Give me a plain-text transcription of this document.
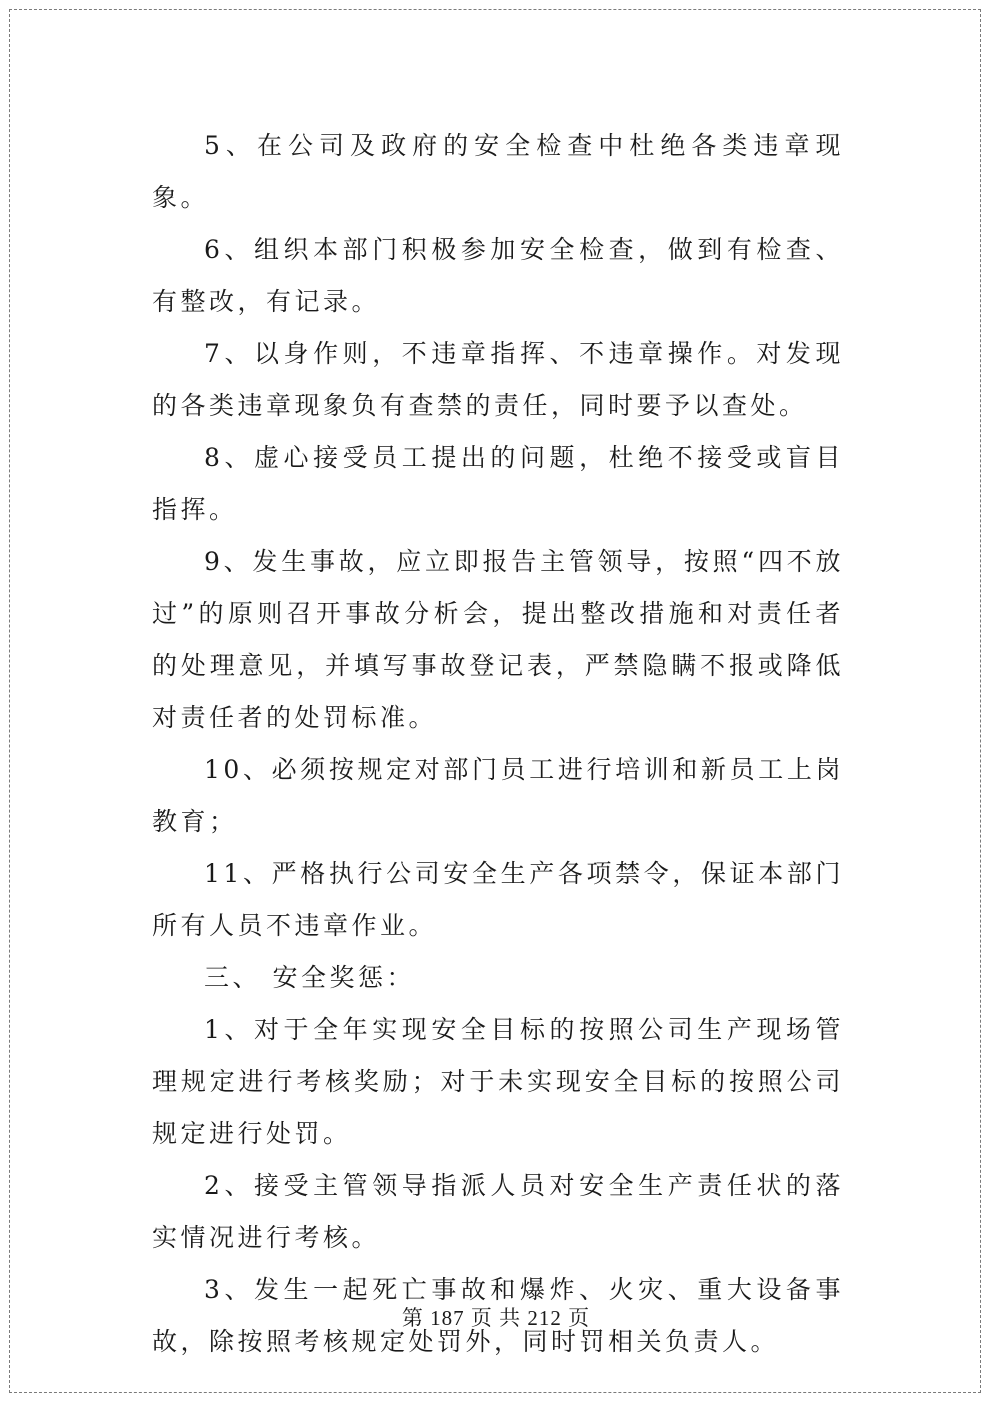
5、在公司及政府的安全检查中杜绝各类违章现象。

6、组织本部门积极参加安全检查，做到有检查、有整改，有记录。

7、以身作则，不违章指挥、不违章操作。对发现的各类违章现象负有查禁的责任，同时要予以查处。

8、虚心接受员工提出的问题，杜绝不接受或盲目指挥。

9、发生事故，应立即报告主管领导，按照“四不放过”的原则召开事故分析会，提出整改措施和对责任者的处理意见，并填写事故登记表，严禁隐瞒不报或降低对责任者的处罚标准。

10、必须按规定对部门员工进行培训和新员工上岗教育；

11、严格执行公司安全生产各项禁令，保证本部门所有人员不违章作业。

三、 安全奖惩：

1、对于全年实现安全目标的按照公司生产现场管理规定进行考核奖励；对于未实现安全目标的按照公司规定进行处罚。

2、接受主管领导指派人员对安全生产责任状的落实情况进行考核。

3、发生一起死亡事故和爆炸、火灾、重大设备事故，除按照考核规定处罚外，同时罚相关负责人。

第 187 页 共 212 页
